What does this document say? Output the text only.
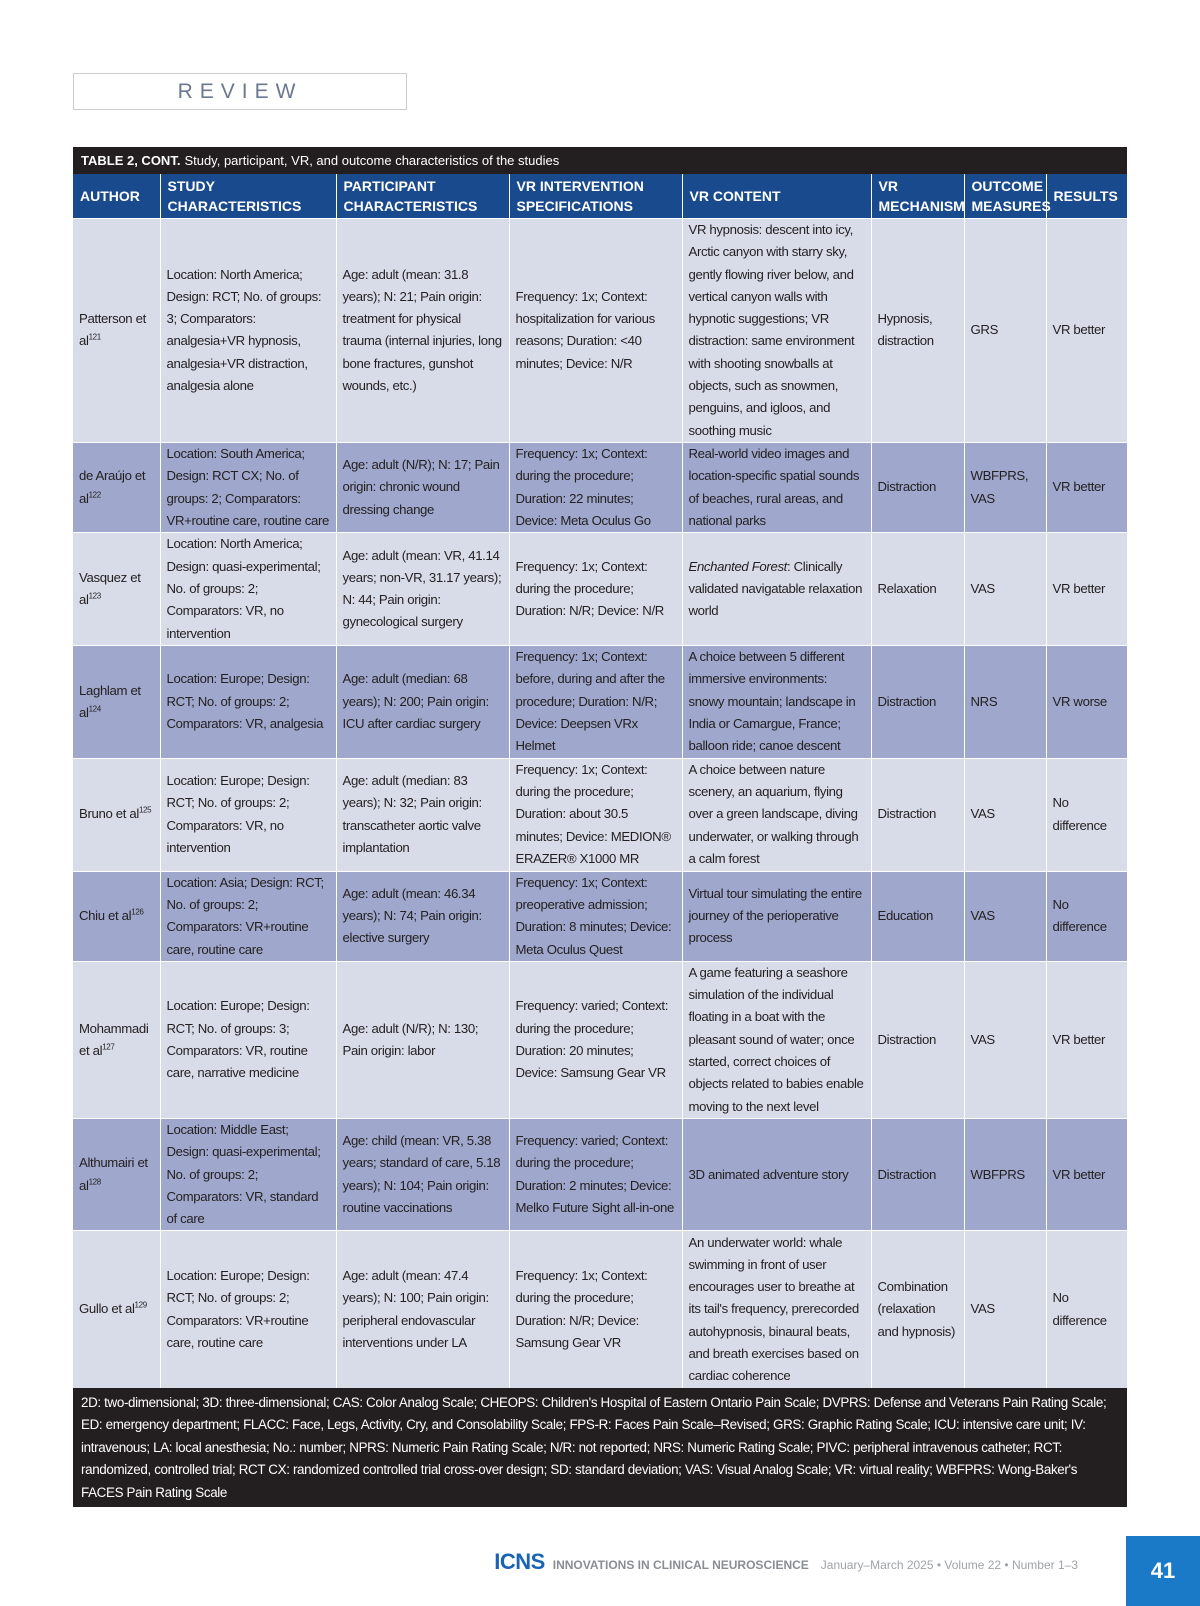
REVIEW
TABLE 2, CONT. Study, participant, VR, and outcome characteristics of the studies
AUTHOR	STUDY CHARACTERISTICS	PARTICIPANT CHARACTERISTICS	VR INTERVENTION SPECIFICATIONS	VR CONTENT	VR MECHANISM	OUTCOME MEASURES	RESULTS
Patterson et $al^{121}$	Location: North America; Design: RCT; No. of groups: 3; Comparators: analgesia+VR hypnosis, analgesia+VR distraction, analgesia alone	Age: adult (mean: 31.8 years); N: 21; Pain origin: treatment for physical trauma (internal injuries, long bone fractures, gunshot wounds, etc.)	Frequency: 1x; Context: hospitalization for various reasons; Duration: <40 minutes; Device: N/R	VR hypnosis: descent into icy, Arctic canyon with starry sky, gently flowing river below, and vertical canyon walls with hypnotic suggestions; VR distraction: same environment with shooting snowballs at objects, such as snowmen, penguins, and igloos, and soothing music	Hypnosis, distraction	GRS	VR better
de Araújo et $al^{122}$	Location: South America; Design: RCT CX; No. of groups: 2; Comparators: VR+routine care, routine care	Age: adult (N/R); N: 17; Pain origin: chronic wound dressing change	Frequency: 1x; Context: during the procedure; Duration: 22 minutes; Device: Meta Oculus Go	Real-world video images and location-specific spatial sounds of beaches, rural areas, and national parks	Distraction	WBFPRS, VAS	VR better
Vasquez et $al^{123}$	Location: North America; Design: quasi-experimental; No. of groups: 2; Comparators: VR, no intervention	Age: adult (mean: VR, 41.14 years; non-VR, 31.17 years); N: 44; Pain origin: gynecological surgery	Frequency: 1x; Context: during the procedure; Duration: N/R; Device: N/R	Enchanted Forest: Clinically validated navigatable relaxation world	Relaxation	VAS	VR better
Laghlam et $al^{124}$	Location: Europe; Design: RCT; No. of groups: 2; Comparators: VR, analgesia	Age: adult (median: 68 years); N: 200; Pain origin: ICU after cardiac surgery	Frequency: 1x; Context: before, during and after the procedure; Duration: N/R; Device: Deepsen VRx Helmet	A choice between 5 different immersive environments: snowy mountain; landscape in India or Camargue, France; balloon ride; canoe descent	Distraction	NRS	VR worse
Bruno et $al^{125}$	Location: Europe; Design: RCT; No. of groups: 2; Comparators: VR, no intervention	Age: adult (median: 83 years); N: 32; Pain origin: transcatheter aortic valve implantation	Frequency: 1x; Context: during the procedure; Duration: about 30.5 minutes; Device: MEDION® ERAZER® X1000 MR	A choice between nature scenery, an aquarium, flying over a green landscape, diving underwater, or walking through a calm forest	Distraction	VAS	No difference
Chiu et $al^{126}$	Location: Asia; Design: RCT; No. of groups: 2; Comparators: VR+routine care, routine care	Age: adult (mean: 46.34 years); N: 74; Pain origin: elective surgery	Frequency: 1x; Context: preoperative admission; Duration: 8 minutes; Device: Meta Oculus Quest	Virtual tour simulating the entire journey of the perioperative process	Education	VAS	No difference
Mohammadi et $al^{127}$	Location: Europe; Design: RCT; No. of groups: 3; Comparators: VR, routine care, narrative medicine	Age: adult (N/R); N: 130; Pain origin: labor	Frequency: varied; Context: during the procedure; Duration: 20 minutes; Device: Samsung Gear VR	A game featuring a seashore simulation of the individual floating in a boat with the pleasant sound of water; once started, correct choices of objects related to babies enable moving to the next level	Distraction	VAS	VR better
Althumairi et $al^{128}$	Location: Middle East; Design: quasi-experimental; No. of groups: 2; Comparators: VR, standard of care	Age: child (mean: VR, 5.38 years; standard of care, 5.18 years); N: 104; Pain origin: routine vaccinations	Frequency: varied; Context: during the procedure; Duration: 2 minutes; Device: Melko Future Sight all-in-one	3D animated adventure story	Distraction	WBFPRS	VR better
Gullo et $al^{129}$	Location: Europe; Design: RCT; No. of groups: 2; Comparators: VR+routine care, routine care	Age: adult (mean: 47.4 years); N: 100; Pain origin: peripheral endovascular interventions under LA	Frequency: 1x; Context: during the procedure; Duration: N/R; Device: Samsung Gear VR	An underwater world: whale swimming in front of user encourages user to breathe at its tail's frequency, prerecorded autohypnosis, binaural beats, and breath exercises based on cardiac coherence	Combination (relaxation and hypnosis)	VAS	No difference
2D: two-dimensional; 3D: three-dimensional; CAS: Color Analog Scale; CHEOPS: Children's Hospital of Eastern Ontario Pain Scale; DVPRS: Defense and Veterans Pain Rating Scale; ED: emergency department; FLACC: Face, Legs, Activity, Cry, and Consolability Scale; FPS-R: Faces Pain Scale–Revised; GRS: Graphic Rating Scale; ICU: intensive care unit; IV: intravenous; LA: local anesthesia; No.: number; NPRS: Numeric Pain Rating Scale; N/R: not reported; NRS: Numeric Rating Scale; PIVC: peripheral intravenous catheter; RCT: randomized, controlled trial; RCT CX: randomized controlled trial cross-over design; SD: standard deviation; VAS: Visual Analog Scale; VR: virtual reality; WBFPRS: Wong-Baker's FACES Pain Rating Scale
ICNS INNOVATIONS IN CLINICAL NEUROSCIENCE January–March 2025 • Volume 22 • Number 1–3	41
